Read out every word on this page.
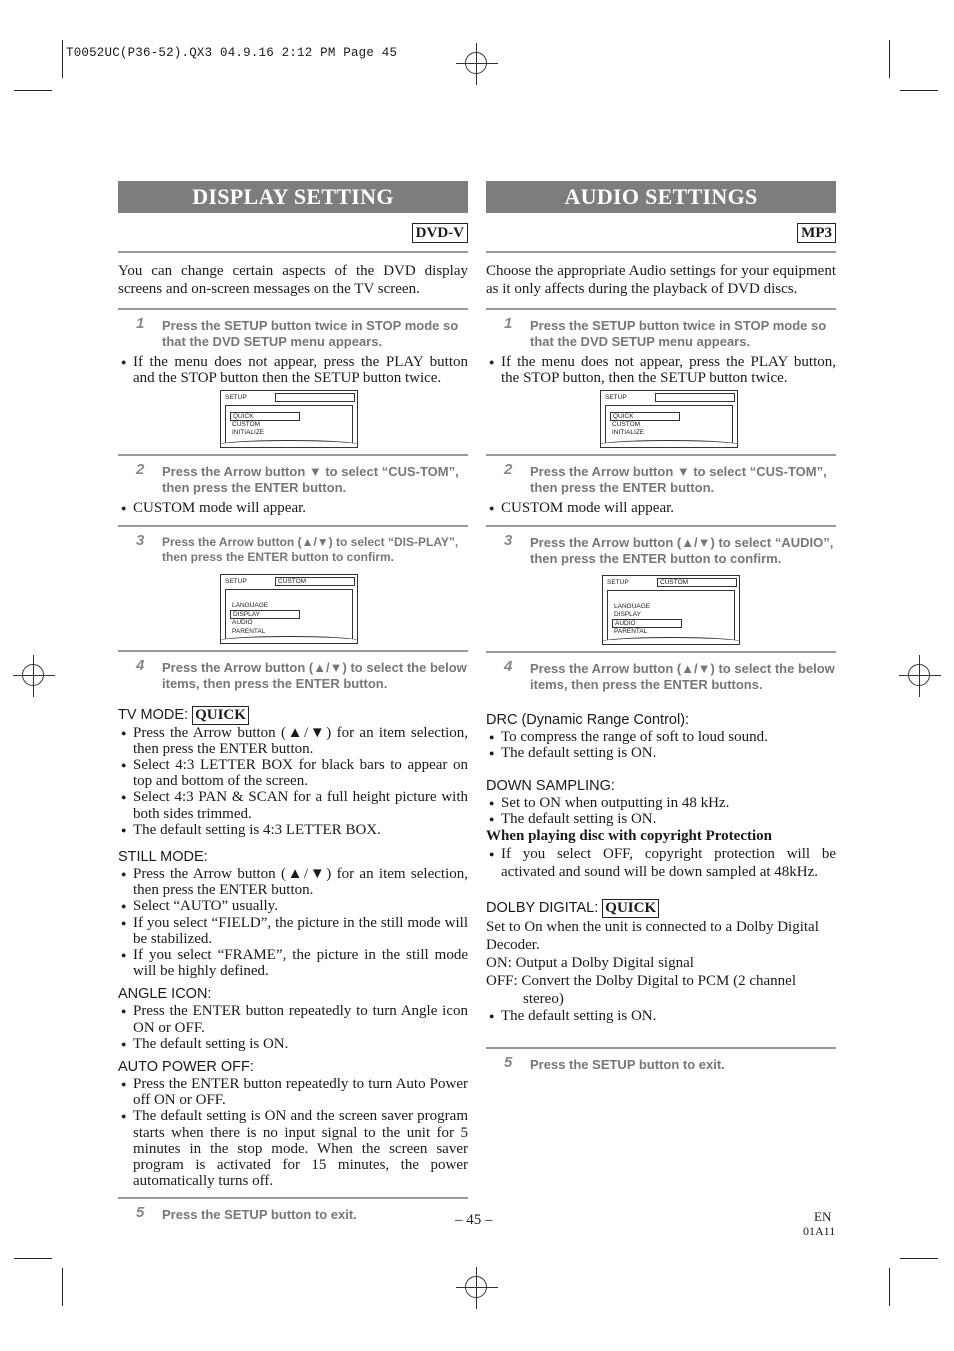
T0052UC(P36-52).QX3 04.9.16 2:12 PM Page 45
DISPLAY SETTING
DVD-V
You can change certain aspects of the DVD display screens and on-screen messages on the TV screen.
1 Press the SETUP button twice in STOP mode so that the DVD SETUP menu appears.
● If the menu does not appear, press the PLAY button and the STOP button then the SETUP button twice.
SETUP
QUICK
CUSTOM
INITIALIZE
2 Press the Arrow button ▼ to select “CUS-TOM”, then press the ENTER button.
● CUSTOM mode will appear.
3 Press the Arrow button (▲/▼) to select “DIS-PLAY”, then press the ENTER button to confirm.
SETUP	CUSTOM
LANGUAGE
DISPLAY
AUDIO
PARENTAL
4 Press the Arrow button (▲/▼) to select the below items, then press the ENTER button.
TV MODE: QUICK
● Press the Arrow button (▲/▼) for an item selection, then press the ENTER button.
● Select 4:3 LETTER BOX for black bars to appear on top and bottom of the screen.
● Select 4:3 PAN & SCAN for a full height picture with both sides trimmed.
● The default setting is 4:3 LETTER BOX.
STILL MODE:
● Press the Arrow button (▲/▼) for an item selection, then press the ENTER button.
● Select “AUTO” usually.
● If you select “FIELD”, the picture in the still mode will be stabilized.
● If you select “FRAME”, the picture in the still mode will be highly defined.
ANGLE ICON:
● Press the ENTER button repeatedly to turn Angle icon ON or OFF.
● The default setting is ON.
AUTO POWER OFF:
● Press the ENTER button repeatedly to turn Auto Power off ON or OFF.
● The default setting is ON and the screen saver program starts when there is no input signal to the unit for 5 minutes in the stop mode. When the screen saver program is activated for 15 minutes, the power automatically turns off.
5 Press the SETUP button to exit.
AUDIO SETTINGS
MP3
Choose the appropriate Audio settings for your equipment as it only affects during the playback of DVD discs.
1 Press the SETUP button twice in STOP mode so that the DVD SETUP menu appears.
● If the menu does not appear, press the PLAY button, the STOP button, then the SETUP button twice.
SETUP
QUICK
CUSTOM
INITIALIZE
2 Press the Arrow button ▼ to select “CUS-TOM”, then press the ENTER button.
● CUSTOM mode will appear.
3 Press the Arrow button (▲/▼) to select “AUDIO”, then press the ENTER button to confirm.
SETUP	CUSTOM
LANGUAGE
DISPLAY
AUDIO
PARENTAL
4 Press the Arrow button (▲/▼) to select the below items, then press the ENTER buttons.
DRC (Dynamic Range Control):
● To compress the range of soft to loud sound.
● The default setting is ON.
DOWN SAMPLING:
● Set to ON when outputting in 48 kHz.
● The default setting is ON.
When playing disc with copyright Protection
● If you select OFF, copyright protection will be activated and sound will be down sampled at 48kHz.
DOLBY DIGITAL: QUICK
Set to On when the unit is connected to a Dolby Digital Decoder.
ON: Output a Dolby Digital signal
OFF: Convert the Dolby Digital to PCM (2 channel stereo)
● The default setting is ON.
5 Press the SETUP button to exit.
– 45 –	EN
01A11
